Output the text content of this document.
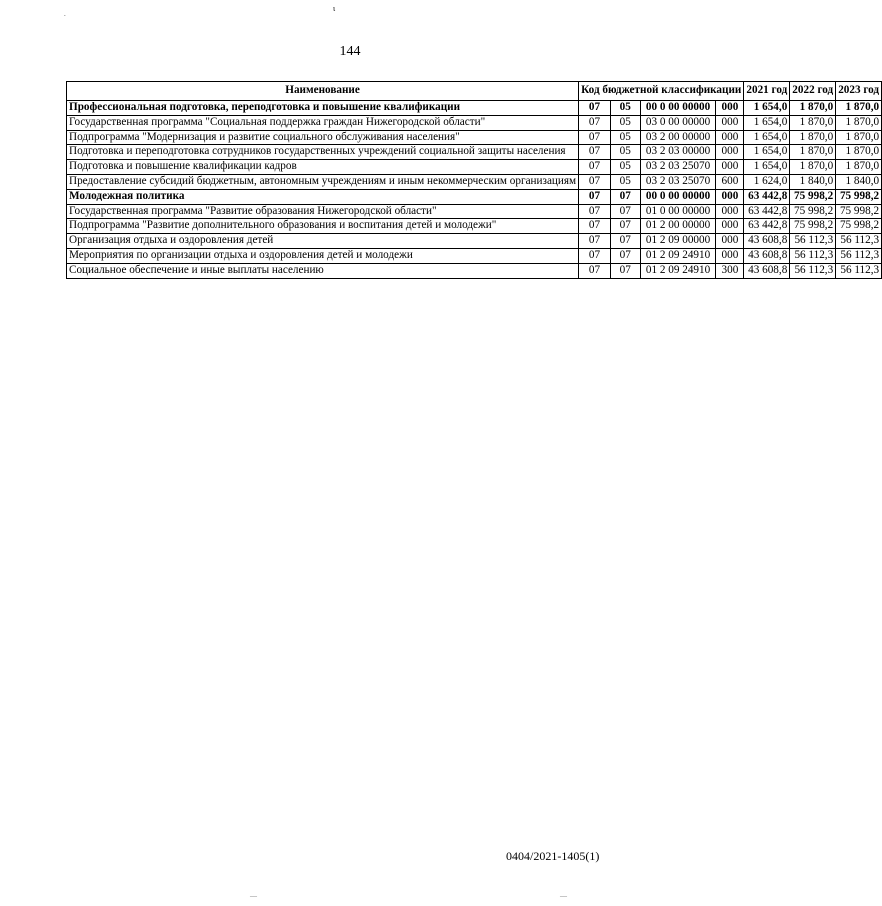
.
ι
144
Наименование	Код бюджетной классификации				2021 год	2022 год	2023 год
Профессиональная подготовка, переподготовка и повышение квалификации	07	05	00 0 00 00000	000	1 654,0	1 870,0	1 870,0
Государственная программа "Социальная поддержка граждан Нижегородской области"	07	05	03 0 00 00000	000	1 654,0	1 870,0	1 870,0
Подпрограмма "Модернизация и развитие социального обслуживания населения"	07	05	03 2 00 00000	000	1 654,0	1 870,0	1 870,0
Подготовка и переподготовка сотрудников государственных учреждений социальной защиты населения	07	05	03 2 03 00000	000	1 654,0	1 870,0	1 870,0
Подготовка и повышение квалификации кадров	07	05	03 2 03 25070	000	1 654,0	1 870,0	1 870,0
Предоставление субсидий бюджетным, автономным учреждениям и иным некоммерческим организациям	07	05	03 2 03 25070	600	1 624,0	1 840,0	1 840,0
Молодежная политика	07	07	00 0 00 00000	000	63 442,8	75 998,2	75 998,2
Государственная программа "Развитие образования Нижегородской области"	07	07	01 0 00 00000	000	63 442,8	75 998,2	75 998,2
Подпрограмма "Развитие дополнительного образования и воспитания детей и молодежи"	07	07	01 2 00 00000	000	63 442,8	75 998,2	75 998,2
Организация отдыха и оздоровления детей	07	07	01 2 09 00000	000	43 608,8	56 112,3	56 112,3
Мероприятия по организации отдыха и оздоровления детей и молодежи	07	07	01 2 09 24910	000	43 608,8	56 112,3	56 112,3
Социальное обеспечение и иные выплаты населению	07	07	01 2 09 24910	300	43 608,8	56 112,3	56 112,3
0404/2021-1405(1)
—	—
